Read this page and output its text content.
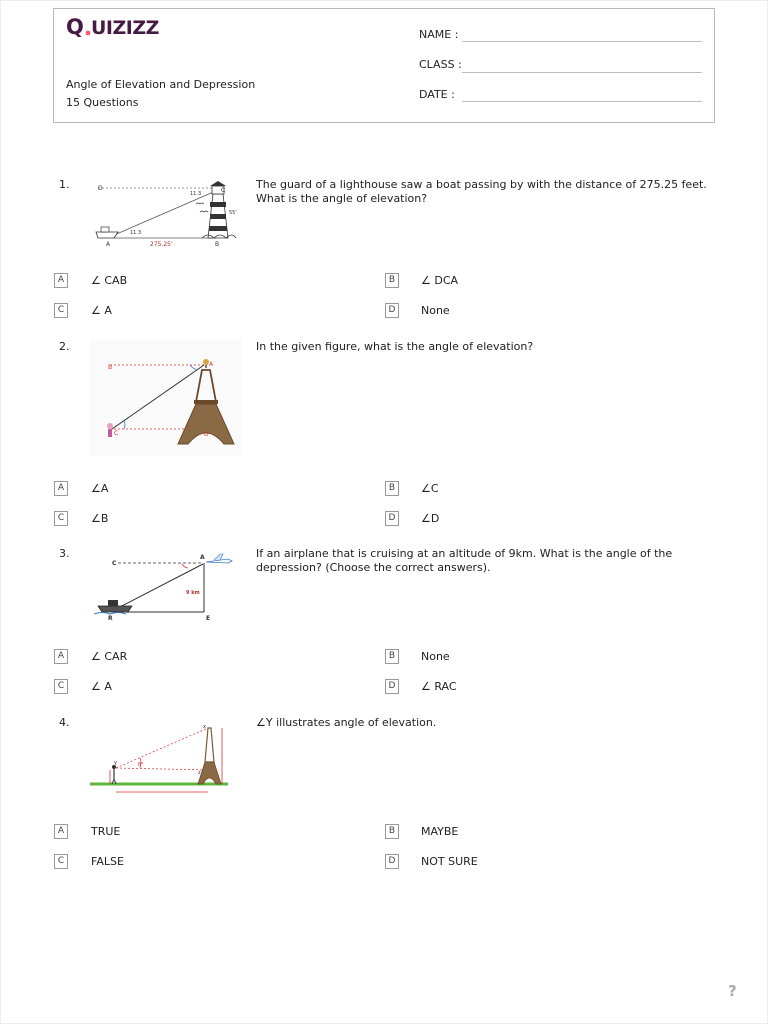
Q UIZIZZ
Angle of Elevation and Depression
15 Questions
NAME :
CLASS :
DATE :
1.	The guard of a lighthouse saw a boat passing by with the distance of 275.25 feet. What is the angle of elevation?
D	C
A	B
275.25'
11.3
11.3
55'
A	∠ CAB	B	∠ DCA
C	∠ A	D	None
2.	In the given figure, what is the angle of elevation?
B	A
C	D
A	∠A	B	∠C
C	∠B	D	∠D
3.	If an airplane that is cruising at an altitude of 9km. What is the angle of the depression? (Choose the correct answers).
C
A
R	E
9 km
A	∠ CAR	B	None
C	∠ A	D	∠ RAC
4.	∠Y illustrates angle of elevation.
x
y
z
θ°
A	TRUE	B	MAYBE
C	FALSE	D	NOT SURE
?
